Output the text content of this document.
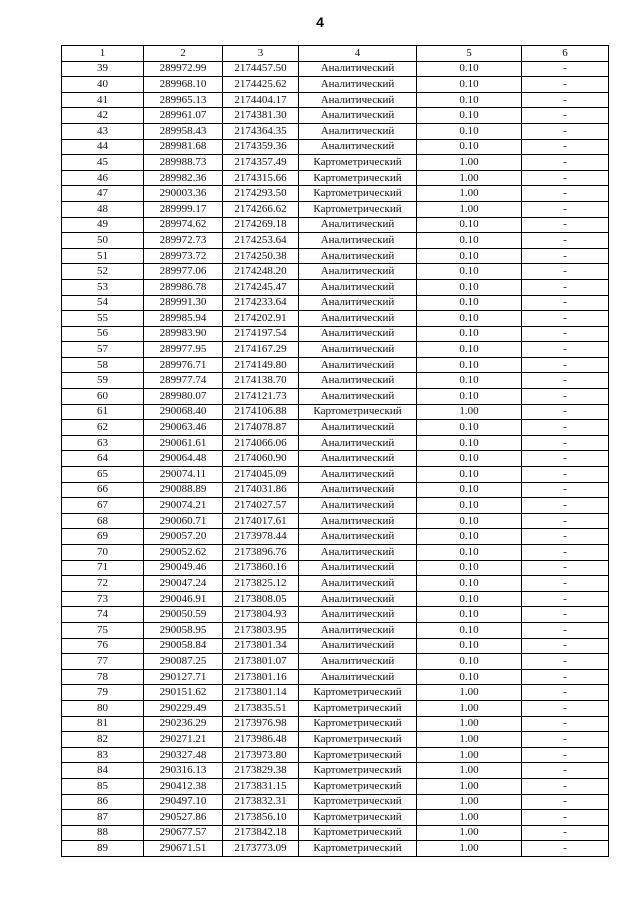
4
1	2	3	4	5	6
39	289972.99	2174457.50	Аналитический	0.10	-
40	289968.10	2174425.62	Аналитический	0.10	-
41	289965.13	2174404.17	Аналитический	0.10	-
42	289961.07	2174381.30	Аналитический	0.10	-
43	289958.43	2174364.35	Аналитический	0.10	-
44	289981.68	2174359.36	Аналитический	0.10	-
45	289988.73	2174357.49	Картометрический	1.00	-
46	289982.36	2174315.66	Картометрический	1.00	-
47	290003.36	2174293.50	Картометрический	1.00	-
48	289999.17	2174266.62	Картометрический	1.00	-
49	289974.62	2174269.18	Аналитический	0.10	-
50	289972.73	2174253.64	Аналитический	0.10	-
51	289973.72	2174250.38	Аналитический	0.10	-
52	289977.06	2174248.20	Аналитический	0.10	-
53	289986.78	2174245.47	Аналитический	0.10	-
54	289991.30	2174233.64	Аналитический	0.10	-
55	289985.94	2174202.91	Аналитический	0.10	-
56	289983.90	2174197.54	Аналитический	0.10	-
57	289977.95	2174167.29	Аналитический	0.10	-
58	289976.71	2174149.80	Аналитический	0.10	-
59	289977.74	2174138.70	Аналитический	0.10	-
60	289980.07	2174121.73	Аналитический	0.10	-
61	290068.40	2174106.88	Картометрический	1.00	-
62	290063.46	2174078.87	Аналитический	0.10	-
63	290061.61	2174066.06	Аналитический	0.10	-
64	290064.48	2174060.90	Аналитический	0.10	-
65	290074.11	2174045.09	Аналитический	0.10	-
66	290088.89	2174031.86	Аналитический	0.10	-
67	290074.21	2174027.57	Аналитический	0.10	-
68	290060.71	2174017.61	Аналитический	0.10	-
69	290057.20	2173978.44	Аналитический	0.10	-
70	290052.62	2173896.76	Аналитический	0.10	-
71	290049.46	2173860.16	Аналитический	0.10	-
72	290047.24	2173825.12	Аналитический	0.10	-
73	290046.91	2173808.05	Аналитический	0.10	-
74	290050.59	2173804.93	Аналитический	0.10	-
75	290058.95	2173803.95	Аналитический	0.10	-
76	290058.84	2173801.34	Аналитический	0.10	-
77	290087.25	2173801.07	Аналитический	0.10	-
78	290127.71	2173801.16	Аналитический	0.10	-
79	290151.62	2173801.14	Картометрический	1.00	-
80	290229.49	2173835.51	Картометрический	1.00	-
81	290236.29	2173976.98	Картометрический	1.00	-
82	290271.21	2173986.48	Картометрический	1.00	-
83	290327.48	2173973.80	Картометрический	1.00	-
84	290316.13	2173829.38	Картометрический	1.00	-
85	290412.38	2173831.15	Картометрический	1.00	-
86	290497.10	2173832.31	Картометрический	1.00	-
87	290527.86	2173856.10	Картометрический	1.00	-
88	290677.57	2173842.18	Картометрический	1.00	-
89	290671.51	2173773.09	Картометрический	1.00	-
